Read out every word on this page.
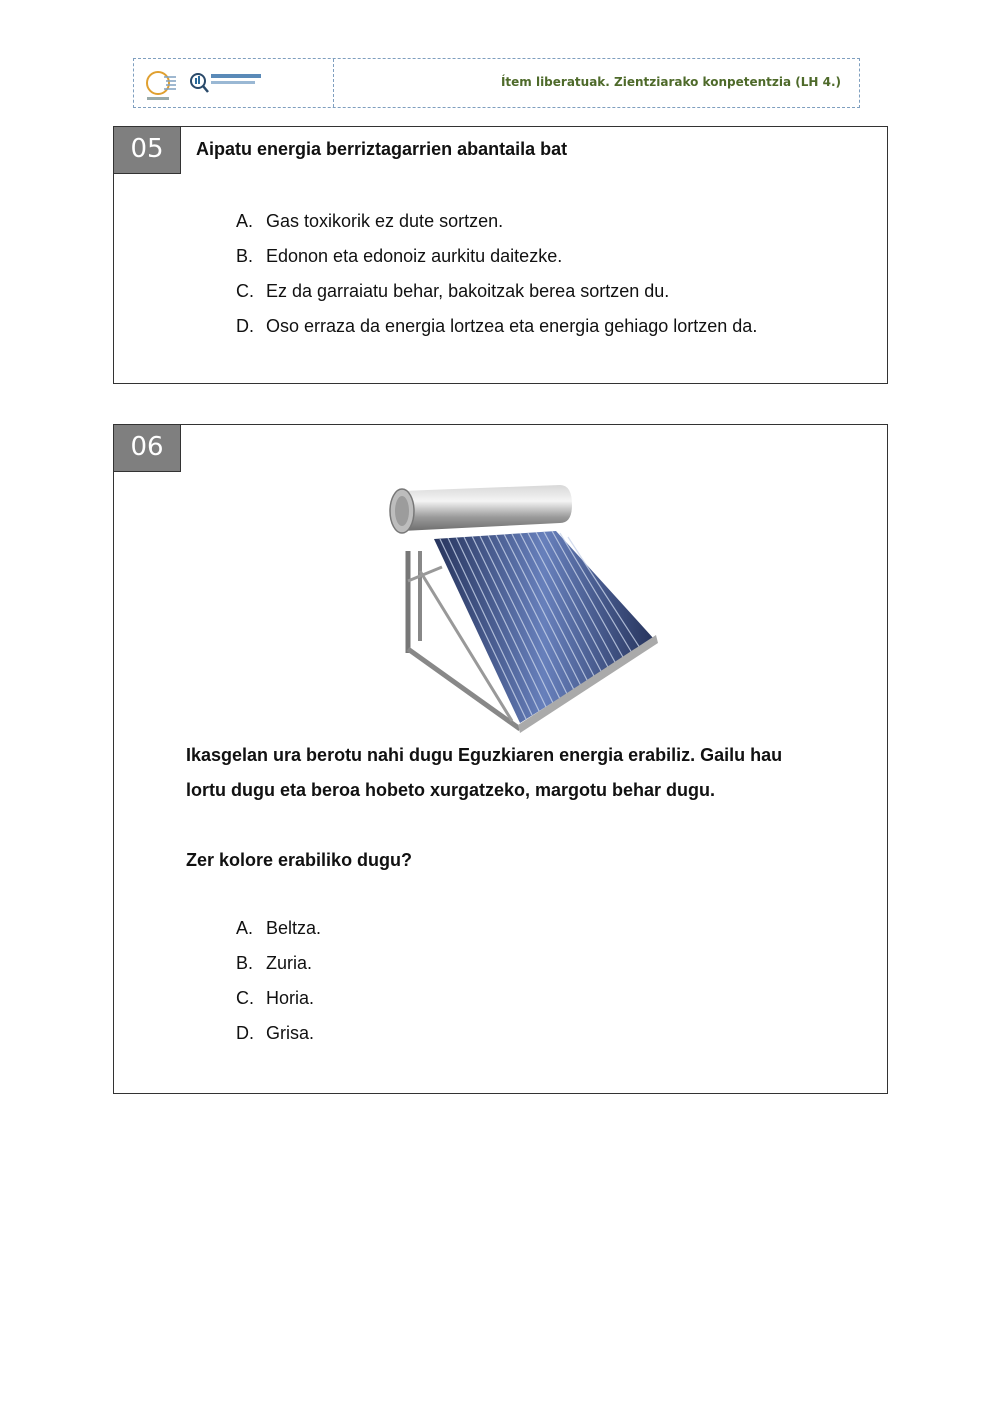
Ítem liberatuak. Zientziarako konpetentzia (LH 4.)
05	Aipatu energia berriztagarrien abantaila bat
A. Gas toxikorik ez dute sortzen.
B. Edonon eta edonoiz aurkitu daitezke.
C. Ez da garraiatu behar, bakoitzak berea sortzen du.
D. Oso erraza da energia lortzea eta energia gehiago lortzen da.
06
Ikasgelan ura berotu nahi dugu Eguzkiaren energia erabiliz. Gailu hau
lortu dugu eta beroa hobeto xurgatzeko, margotu behar dugu.
Zer kolore erabiliko dugu?
A. Beltza.
B. Zuria.
C. Horia.
D. Grisa.
